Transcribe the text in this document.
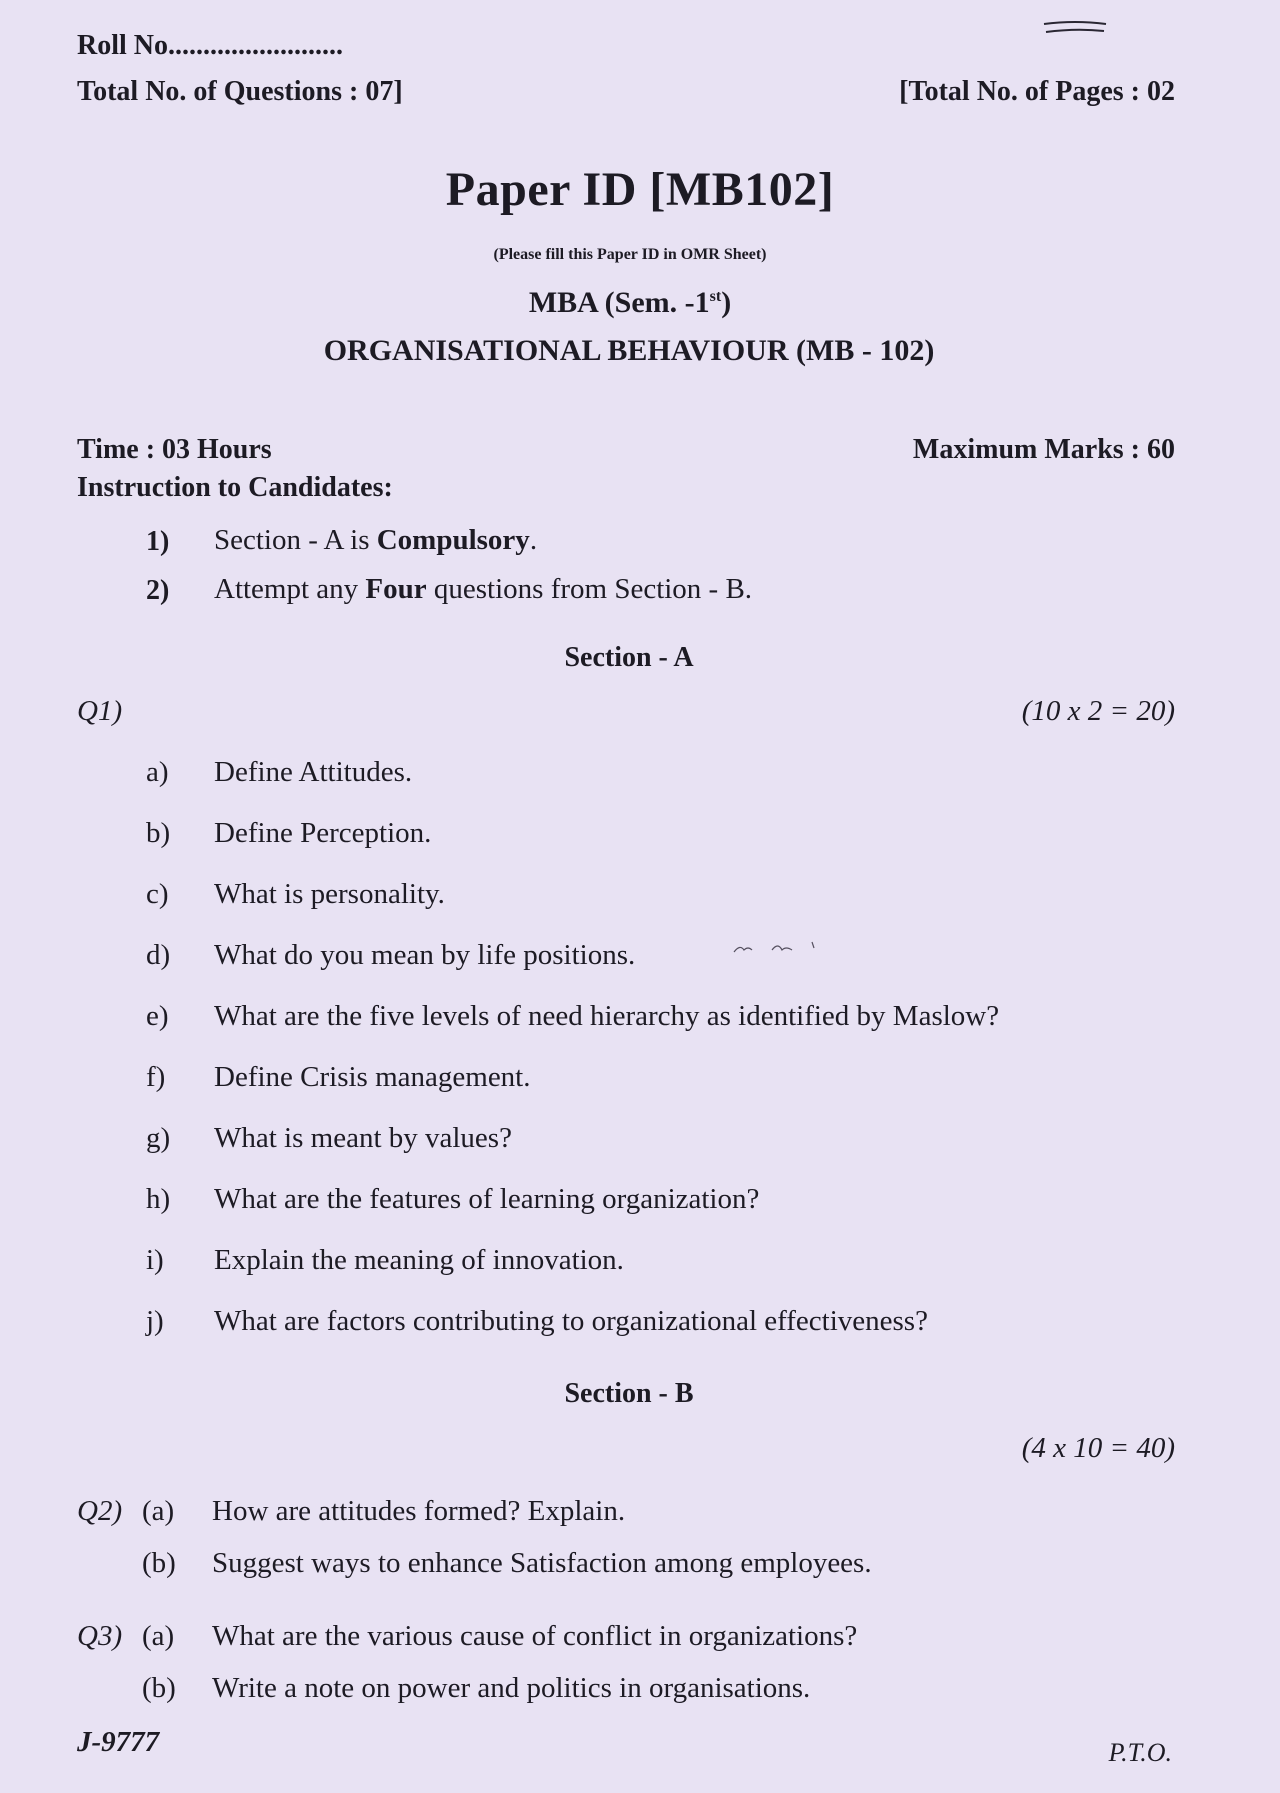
Roll No.........................
Total No. of Questions : 07]	[Total No. of Pages : 02
Paper ID [MB102]
(Please fill this Paper ID in OMR Sheet)
MBA (Sem. -1st)
ORGANISATIONAL BEHAVIOUR (MB - 102)
Time : 03 Hours	Maximum Marks : 60
Instruction to Candidates:
1) Section - A is Compulsory.
2) Attempt any Four questions from Section - B.
Section - A
Q1)	(10 x 2 = 20)
a) Define Attitudes.
b) Define Perception.
c) What is personality.
d) What do you mean by life positions.
e) What are the five levels of need hierarchy as identified by Maslow?
f) Define Crisis management.
g) What is meant by values?
h) What are the features of learning organization?
i) Explain the meaning of innovation.
j) What are factors contributing to organizational effectiveness?
Section - B
(4 x 10 = 40)
Q2) (a) How are attitudes formed? Explain.
(b) Suggest ways to enhance Satisfaction among employees.
Q3) (a) What are the various cause of conflict in organizations?
(b) Write a note on power and politics in organisations.
J-9777	P.T.O.
